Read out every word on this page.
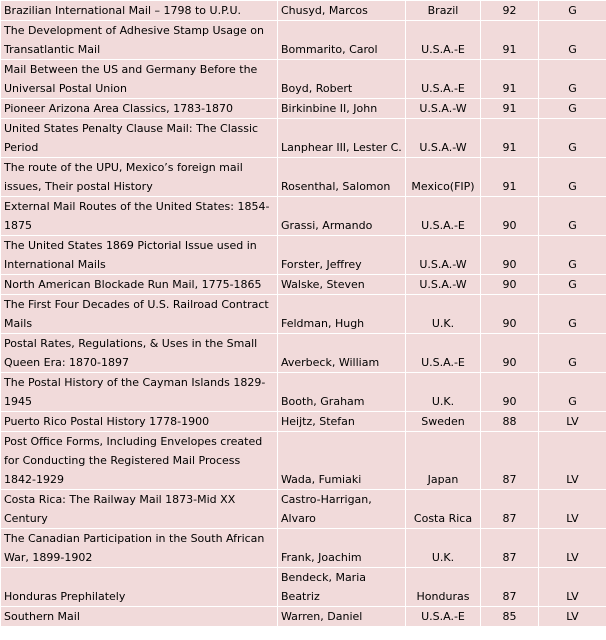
Brazilian International Mail – 1798 to U.P.U.	Chusyd, Marcos	Brazil	92	G
The Development of Adhesive Stamp Usage on Transatlantic Mail	Bommarito, Carol	U.S.A.-E	91	G
Mail Between the US and Germany Before the Universal Postal Union	Boyd, Robert	U.S.A.-E	91	G
Pioneer Arizona Area Classics, 1783-1870	Birkinbine II, John	U.S.A.-W	91	G
United States Penalty Clause Mail: The Classic Period	Lanphear III, Lester C.	U.S.A.-W	91	G
The route of the UPU, Mexico’s foreign mail issues, Their postal History	Rosenthal, Salomon	Mexico(FIP)	91	G
External Mail Routes of the United States: 1854-1875	Grassi, Armando	U.S.A.-E	90	G
The United States 1869 Pictorial Issue used in International Mails	Forster, Jeffrey	U.S.A.-W	90	G
North American Blockade Run Mail, 1775-1865	Walske, Steven	U.S.A.-W	90	G
The First Four Decades of U.S. Railroad Contract Mails	Feldman, Hugh	U.K.	90	G
Postal Rates, Regulations, & Uses in the Small Queen Era: 1870-1897	Averbeck, William	U.S.A.-E	90	G
The Postal History of the Cayman Islands 1829-1945	Booth, Graham	U.K.	90	G
Puerto Rico Postal History 1778-1900	Heijtz, Stefan	Sweden	88	LV
Post Office Forms, Including Envelopes created for Conducting the Registered Mail Process 1842-1929	Wada, Fumiaki	Japan	87	LV
Costa Rica: The Railway Mail 1873-Mid XX Century	Castro-Harrigan, Alvaro	Costa Rica	87	LV
The Canadian Participation in the South African War, 1899-1902	Frank, Joachim	U.K.	87	LV
Honduras Prephilately	Bendeck, Maria Beatriz	Honduras	87	LV
Southern Mail	Warren, Daniel	U.S.A.-E	85	LV
